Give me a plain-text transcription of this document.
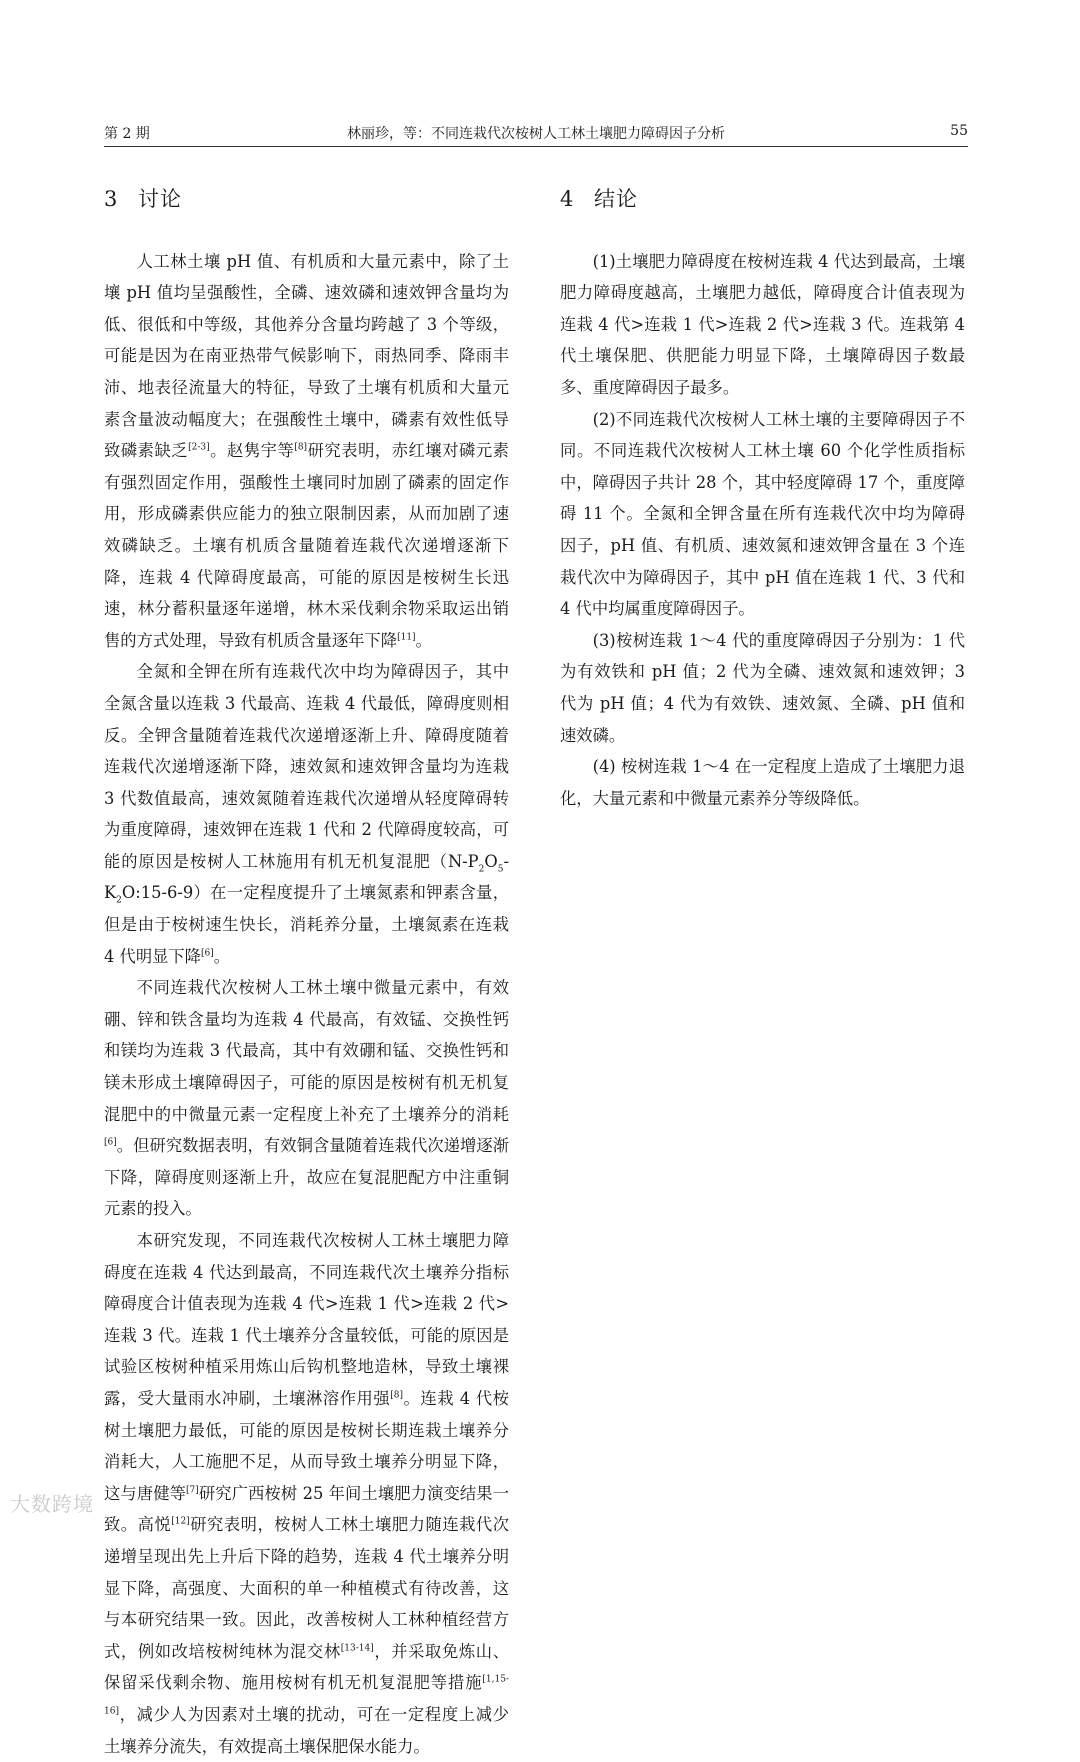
第 2 期	林丽珍，等：不同连栽代次桉树人工林土壤肥力障碍因子分析	55
3 讨论

人工林土壤 pH 值、有机质和大量元素中，除了土壤 pH 值均呈强酸性，全磷、速效磷和速效钾含量均为低、很低和中等级，其他养分含量均跨越了 3 个等级，可能是因为在南亚热带气候影响下，雨热同季、降雨丰沛、地表径流量大的特征，导致了土壤有机质和大量元素含量波动幅度大；在强酸性土壤中，磷素有效性低导致磷素缺乏[2-3]。赵隽宇等[8]研究表明，赤红壤对磷元素有强烈固定作用，强酸性土壤同时加剧了磷素的固定作用，形成磷素供应能力的独立限制因素，从而加剧了速效磷缺乏。土壤有机质含量随着连栽代次递增逐渐下降，连栽 4 代障碍度最高，可能的原因是桉树生长迅速，林分蓄积量逐年递增，林木采伐剩余物采取运出销售的方式处理，导致有机质含量逐年下降[11]。

全氮和全钾在所有连栽代次中均为障碍因子，其中全氮含量以连栽 3 代最高、连栽 4 代最低，障碍度则相反。全钾含量随着连栽代次递增逐渐上升、障碍度随着连栽代次递增逐渐下降，速效氮和速效钾含量均为连栽 3 代数值最高，速效氮随着连栽代次递增从轻度障碍转为重度障碍，速效钾在连栽 1 代和 2 代障碍度较高，可能的原因是桉树人工林施用有机无机复混肥$(N-P_2O_5-K_2O:15-6-9)$在一定程度提升了土壤氮素和钾素含量，但是由于桉树速生快长，消耗养分量，土壤氮素在连栽 4 代明显下降[6]。

不同连栽代次桉树人工林土壤中微量元素中，有效硼、锌和铁含量均为连栽 4 代最高，有效锰、交换性钙和镁均为连栽 3 代最高，其中有效硼和锰、交换性钙和镁未形成土壤障碍因子，可能的原因是桉树有机无机复混肥中的中微量元素一定程度上补充了土壤养分的消耗[6]。但研究数据表明，有效铜含量随着连栽代次递增逐渐下降，障碍度则逐渐上升，故应在复混肥配方中注重铜元素的投入。

本研究发现，不同连栽代次桉树人工林土壤肥力障碍度在连栽 4 代达到最高，不同连栽代次土壤养分指标障碍度合计值表现为连栽 4 代>连栽 1 代>连栽 2 代>连栽 3 代。连栽 1 代土壤养分含量较低，可能的原因是试验区桉树种植采用炼山后钩机整地造林，导致土壤裸露，受大量雨水冲刷，土壤淋溶作用强[8]。连栽 4 代桉树土壤肥力最低，可能的原因是桉树长期连栽土壤养分消耗大，人工施肥不足，从而导致土壤养分明显下降，这与唐健等[7]研究广西桉树 25 年间土壤肥力演变结果一致。高悦[12]研究表明，桉树人工林土壤肥力随连栽代次递增呈现出先上升后下降的趋势，连栽 4 代土壤养分明显下降，高强度、大面积的单一种植模式有待改善，这与本研究结果一致。因此，改善桉树人工林种植经营方式，例如改培桉树纯林为混交林[13-14]，并采取免炼山、保留采伐剩余物、施用桉树有机无机复混肥等措施[1,15-16]，减少人为因素对土壤的扰动，可在一定程度上减少土壤养分流失，有效提高土壤保肥保水能力。

4 结论

(1)土壤肥力障碍度在桉树连栽 4 代达到最高，土壤肥力障碍度越高，土壤肥力越低，障碍度合计值表现为连栽 4 代>连栽 1 代>连栽 2 代>连栽 3 代。连栽第 4 代土壤保肥、供肥能力明显下降，土壤障碍因子数最多、重度障碍因子最多。

(2)不同连栽代次桉树人工林土壤的主要障碍因子不同。不同连栽代次桉树人工林土壤 60 个化学性质指标中，障碍因子共计 28 个，其中轻度障碍 17 个，重度障碍 11 个。全氮和全钾含量在所有连栽代次中均为障碍因子，pH 值、有机质、速效氮和速效钾含量在 3 个连栽代次中为障碍因子，其中 pH 值在连栽 1 代、3 代和 4 代中均属重度障碍因子。

(3)桉树连栽 1～4 代的重度障碍因子分别为：1 代为有效铁和 pH 值；2 代为全磷、速效氮和速效钾；3 代为 pH 值；4 代为有效铁、速效氮、全磷、pH 值和速效磷。

(4) 桉树连栽 1～4 在一定程度上造成了土壤肥力退化，大量元素和中微量元素养分等级降低。

大数跨境
